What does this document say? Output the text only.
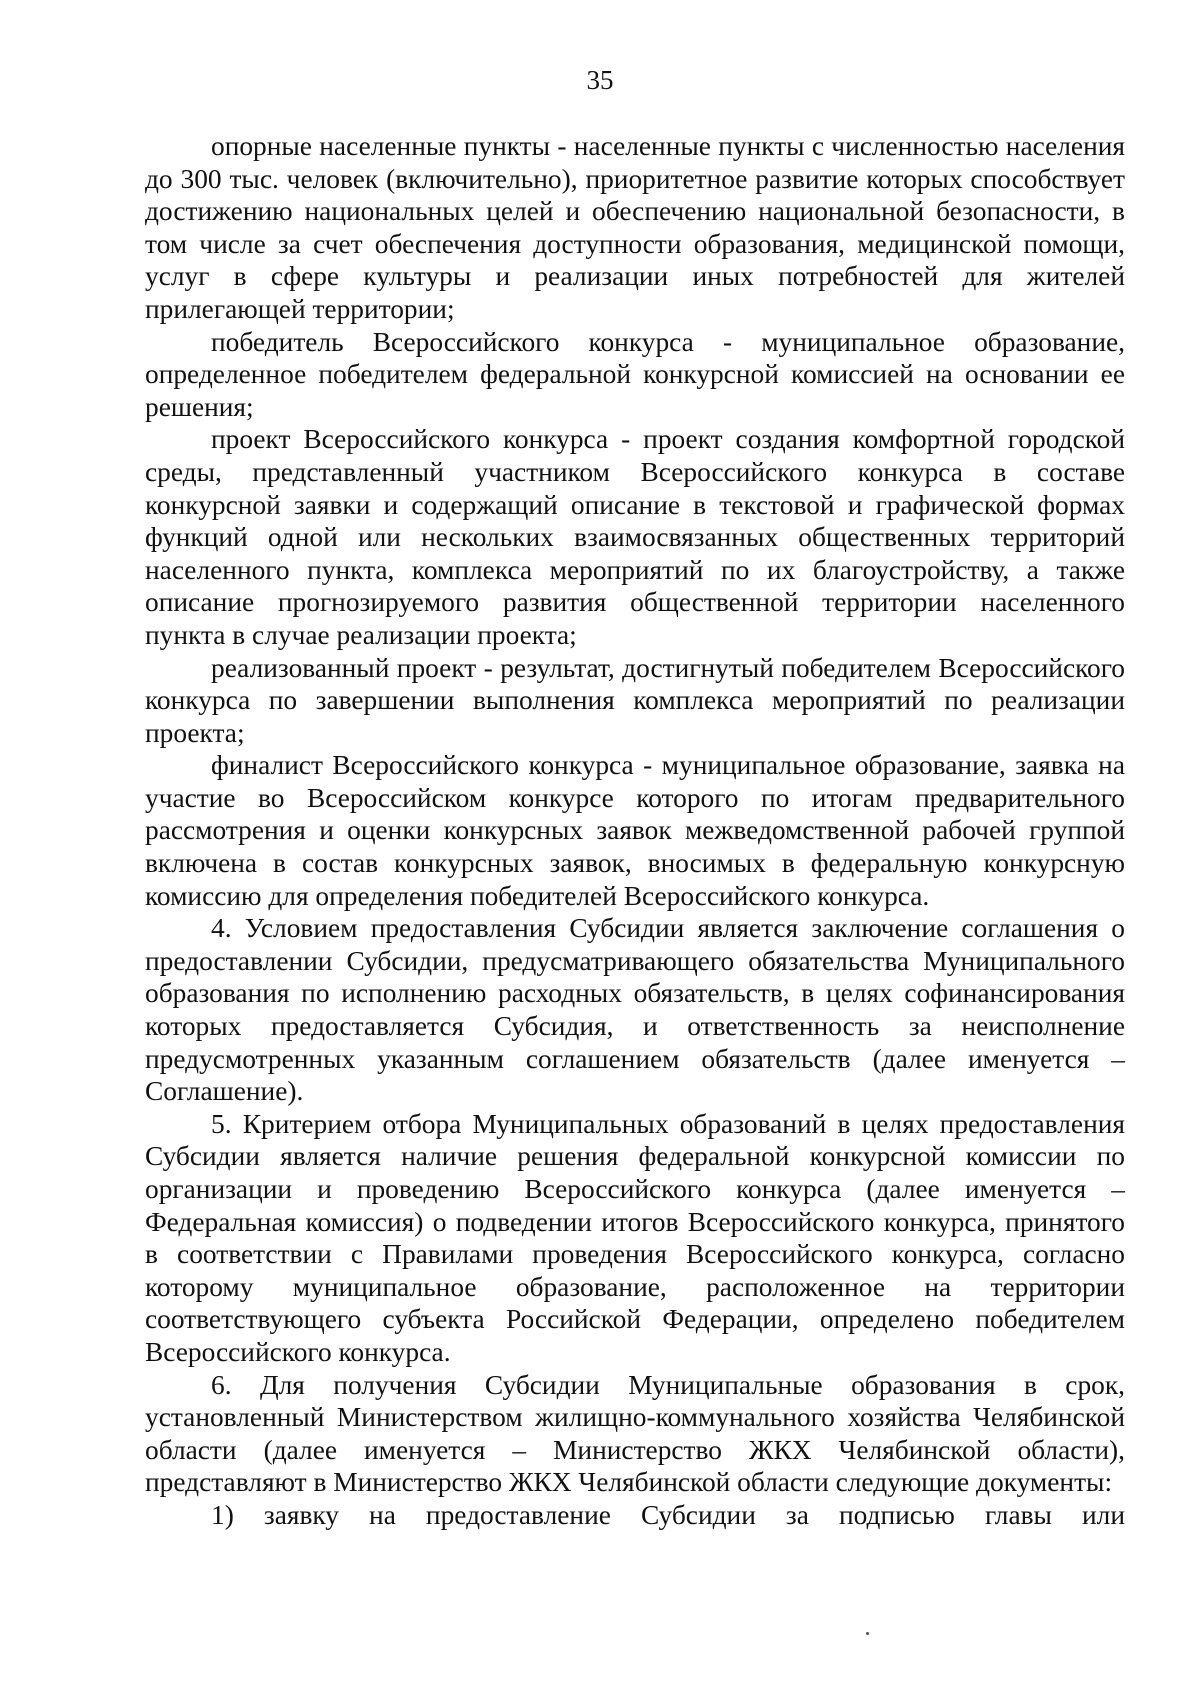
35

опорные населенные пункты - населенные пункты с численностью населения до 300 тыс. человек (включительно), приоритетное развитие которых способствует достижению национальных целей и обеспечению национальной безопасности, в том числе за счет обеспечения доступности образования, медицинской помощи, услуг в сфере культуры и реализации иных потребностей для жителей прилегающей территории;

победитель Всероссийского конкурса - муниципальное образование, определенное победителем федеральной конкурсной комиссией на основании ее решения;

проект Всероссийского конкурса - проект создания комфортной городской среды, представленный участником Всероссийского конкурса в составе конкурсной заявки и содержащий описание в текстовой и графической формах функций одной или нескольких взаимосвязанных общественных территорий населенного пункта, комплекса мероприятий по их благоустройству, а также описание прогнозируемого развития общественной территории населенного пункта в случае реализации проекта;

реализованный проект - результат, достигнутый победителем Всероссийского конкурса по завершении выполнения комплекса мероприятий по реализации проекта;

финалист Всероссийского конкурса - муниципальное образование, заявка на участие во Всероссийском конкурсе которого по итогам предварительного рассмотрения и оценки конкурсных заявок межведомственной рабочей группой включена в состав конкурсных заявок, вносимых в федеральную конкурсную комиссию для определения победителей Всероссийского конкурса.

4. Условием предоставления Субсидии является заключение соглашения о предоставлении Субсидии, предусматривающего обязательства Муниципального образования по исполнению расходных обязательств, в целях софинансирования которых предоставляется Субсидия, и ответственность за неисполнение предусмотренных указанным соглашением обязательств (далее именуется – Соглашение).

5. Критерием отбора Муниципальных образований в целях предоставления Субсидии является наличие решения федеральной конкурсной комиссии по организации и проведению Всероссийского конкурса (далее именуется – Федеральная комиссия) о подведении итогов Всероссийского конкурса, принятого в соответствии с Правилами проведения Всероссийского конкурса, согласно которому муниципальное образование, расположенное на территории соответствующего субъекта Российской Федерации, определено победителем Всероссийского конкурса.

6. Для получения Субсидии Муниципальные образования в срок, установленный Министерством жилищно-коммунального хозяйства Челябинской области (далее именуется – Министерство ЖКХ Челябинской области), представляют в Министерство ЖКХ Челябинской области следующие документы:

1) заявку на предоставление Субсидии за подписью главы или
